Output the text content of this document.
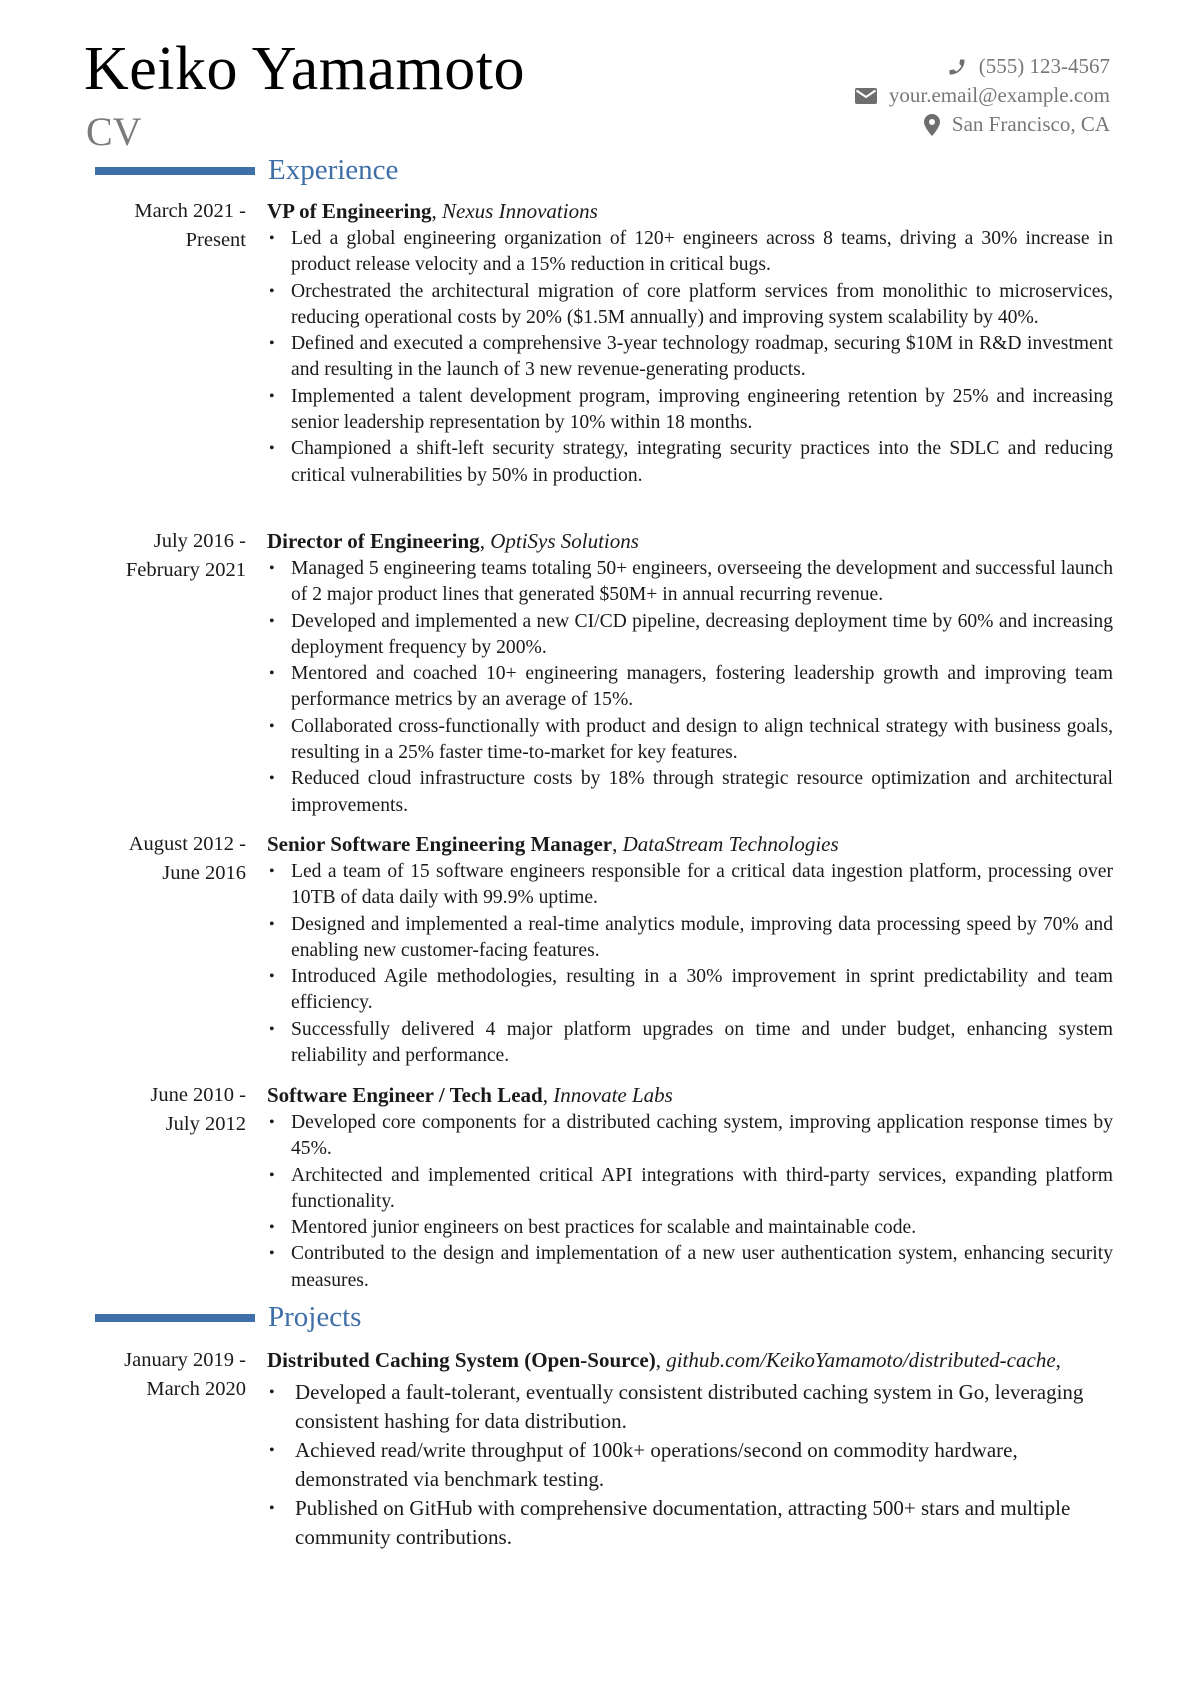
Keiko Yamamoto
CV
(555) 123-4567
your.email@example.com
San Francisco, CA
Experience
March 2021 -
Present
VP of Engineering, Nexus Innovations
• Led a global engineering organization of 120+ engineers across 8 teams, driving a 30% increase in product release velocity and a 15% reduction in critical bugs.
• Orchestrated the architectural migration of core platform services from monolithic to microservices, reducing operational costs by 20% ($1.5M annually) and improving system scalability by 40%.
• Defined and executed a comprehensive 3-year technology roadmap, securing $10M in R&D investment and resulting in the launch of 3 new revenue-generating products.
• Implemented a talent development program, improving engineering retention by 25% and increasing senior leadership representation by 10% within 18 months.
• Championed a shift-left security strategy, integrating security practices into the SDLC and reducing critical vulnerabilities by 50% in production.
July 2016 -
February 2021
Director of Engineering, OptiSys Solutions
• Managed 5 engineering teams totaling 50+ engineers, overseeing the development and successful launch of 2 major product lines that generated $50M+ in annual recurring revenue.
• Developed and implemented a new CI/CD pipeline, decreasing deployment time by 60% and increasing deployment frequency by 200%.
• Mentored and coached 10+ engineering managers, fostering leadership growth and improving team performance metrics by an average of 15%.
• Collaborated cross-functionally with product and design to align technical strategy with business goals, resulting in a 25% faster time-to-market for key features.
• Reduced cloud infrastructure costs by 18% through strategic resource optimization and architectural improvements.
August 2012 -
June 2016
Senior Software Engineering Manager, DataStream Technologies
• Led a team of 15 software engineers responsible for a critical data ingestion platform, processing over 10TB of data daily with 99.9% uptime.
• Designed and implemented a real-time analytics module, improving data processing speed by 70% and enabling new customer-facing features.
• Introduced Agile methodologies, resulting in a 30% improvement in sprint predictability and team efficiency.
• Successfully delivered 4 major platform upgrades on time and under budget, enhancing system reliability and performance.
June 2010 -
July 2012
Software Engineer / Tech Lead, Innovate Labs
• Developed core components for a distributed caching system, improving application response times by 45%.
• Architected and implemented critical API integrations with third-party services, expanding platform functionality.
• Mentored junior engineers on best practices for scalable and maintainable code.
• Contributed to the design and implementation of a new user authentication system, enhancing security measures.
Projects
January 2019 -
March 2020
Distributed Caching System (Open-Source), github.com/KeikoYamamoto/distributed-cache,
• Developed a fault-tolerant, eventually consistent distributed caching system in Go, leveraging consistent hashing for data distribution.
• Achieved read/write throughput of 100k+ operations/second on commodity hardware, demonstrated via benchmark testing.
• Published on GitHub with comprehensive documentation, attracting 500+ stars and multiple community contributions.
